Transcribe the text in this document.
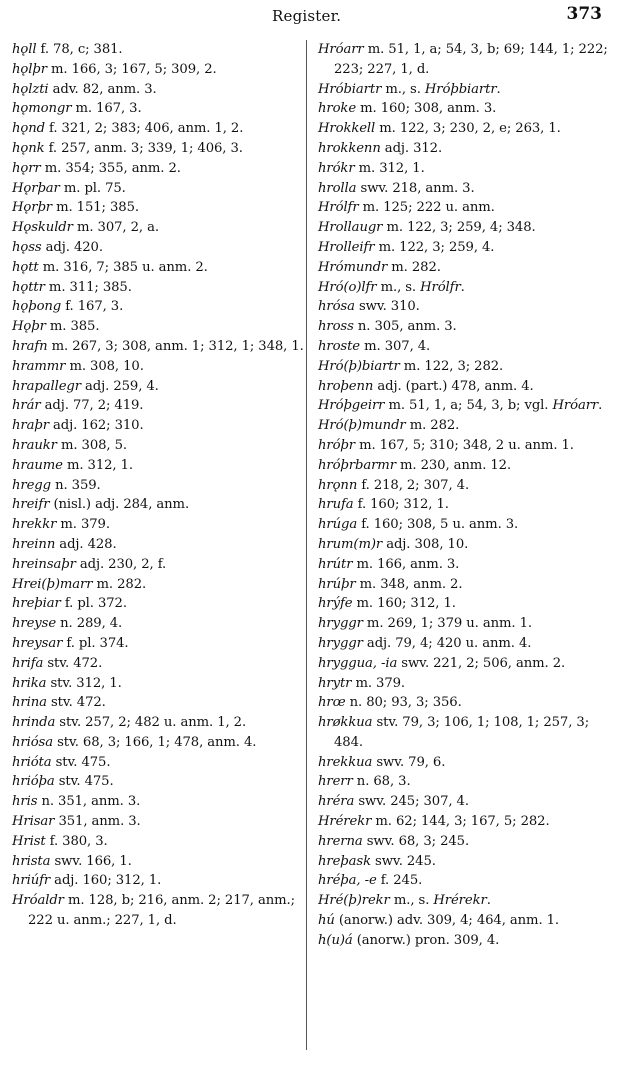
Register.	373
hǫll f. 78, c; 381.
hǫlþr m. 166, 3; 167, 5; 309, 2.
hǫlzti adv. 82, anm. 3.
hǫmongr m. 167, 3.
hǫnd f. 321, 2; 383; 406, anm. 1, 2.
hǫnk f. 257, anm. 3; 339, 1; 406, 3.
hǫrr m. 354; 355, anm. 2.
Hǫrþar m. pl. 75.
Hǫrþr m. 151; 385.
Hǫskuldr m. 307, 2, a.
hǫss adj. 420.
hǫtt m. 316, 7; 385 u. anm. 2.
hǫttr m. 311; 385.
hǫþong f. 167, 3.
Hǫþr m. 385.
hrafn m. 267, 3; 308, anm. 1; 312, 1; 348, 1.
hrammr m. 308, 10.
hrapallegr adj. 259, 4.
hrár adj. 77, 2; 419.
hraþr adj. 162; 310.
hraukr m. 308, 5.
hraume m. 312, 1.
hregg n. 359.
hreifr (nisl.) adj. 284, anm.
hrekkr m. 379.
hreinn adj. 428.
hreinsaþr adj. 230, 2, f.
Hrei(þ)marr m. 282.
hreþiar f. pl. 372.
hreyse n. 289, 4.
hreysar f. pl. 374.
hrifa stv. 472.
hrika stv. 312, 1.
hrina stv. 472.
hrinda stv. 257, 2; 482 u. anm. 1, 2.
hriósa stv. 68, 3; 166, 1; 478, anm. 4.
hrióta stv. 475.
hrióþa stv. 475.
hris n. 351, anm. 3.
Hrisar 351, anm. 3.
Hrist f. 380, 3.
hrista swv. 166, 1.
hriúfr adj. 160; 312, 1.
Hróaldr m. 128, b; 216, anm. 2; 217, anm.; 222 u. anm.; 227, 1, d.
Hróarr m. 51, 1, a; 54, 3, b; 69; 144, 1; 222; 223; 227, 1, d.
Hróbiartr m., s. Hróþbiartr.
hroke m. 160; 308, anm. 3.
Hrokkell m. 122, 3; 230, 2, e; 263, 1.
hrokkenn adj. 312.
hrókr m. 312, 1.
hrolla swv. 218, anm. 3.
Hrólfr m. 125; 222 u. anm.
Hrollaugr m. 122, 3; 259, 4; 348.
Hrolleifr m. 122, 3; 259, 4.
Hrómundr m. 282.
Hró(o)lfr m., s. Hrólfr.
hrósa swv. 310.
hross n. 305, anm. 3.
hroste m. 307, 4.
Hró(þ)biartr m. 122, 3; 282.
hroþenn adj. (part.) 478, anm. 4.
Hróþgeirr m. 51, 1, a; 54, 3, b; vgl. Hróarr.
Hró(þ)mundr m. 282.
hróþr m. 167, 5; 310; 348, 2 u. anm. 1.
hróþrbarmr m. 230, anm. 12.
hrǫnn f. 218, 2; 307, 4.
hrufa f. 160; 312, 1.
hrúga f. 160; 308, 5 u. anm. 3.
hrum(m)r adj. 308, 10.
hrútr m. 166, anm. 3.
hrúþr m. 348, anm. 2.
hrýfe m. 160; 312, 1.
hryggr m. 269, 1; 379 u. anm. 1.
hryggr adj. 79, 4; 420 u. anm. 4.
hryggua, -ia swv. 221, 2; 506, anm. 2.
hrytr m. 379.
hrœ n. 80; 93, 3; 356.
hrøkkua stv. 79, 3; 106, 1; 108, 1; 257, 3; 484.
hrekkua swv. 79, 6.
hrerr n. 68, 3.
hréra swv. 245; 307, 4.
Hrérekr m. 62; 144, 3; 167, 5; 282.
hrerna swv. 68, 3; 245.
hreþask swv. 245.
hréþa, -e f. 245.
Hré(þ)rekr m., s. Hrérekr.
hú (anorw.) adv. 309, 4; 464, anm. 1.
h(u)á (anorw.) pron. 309, 4.
